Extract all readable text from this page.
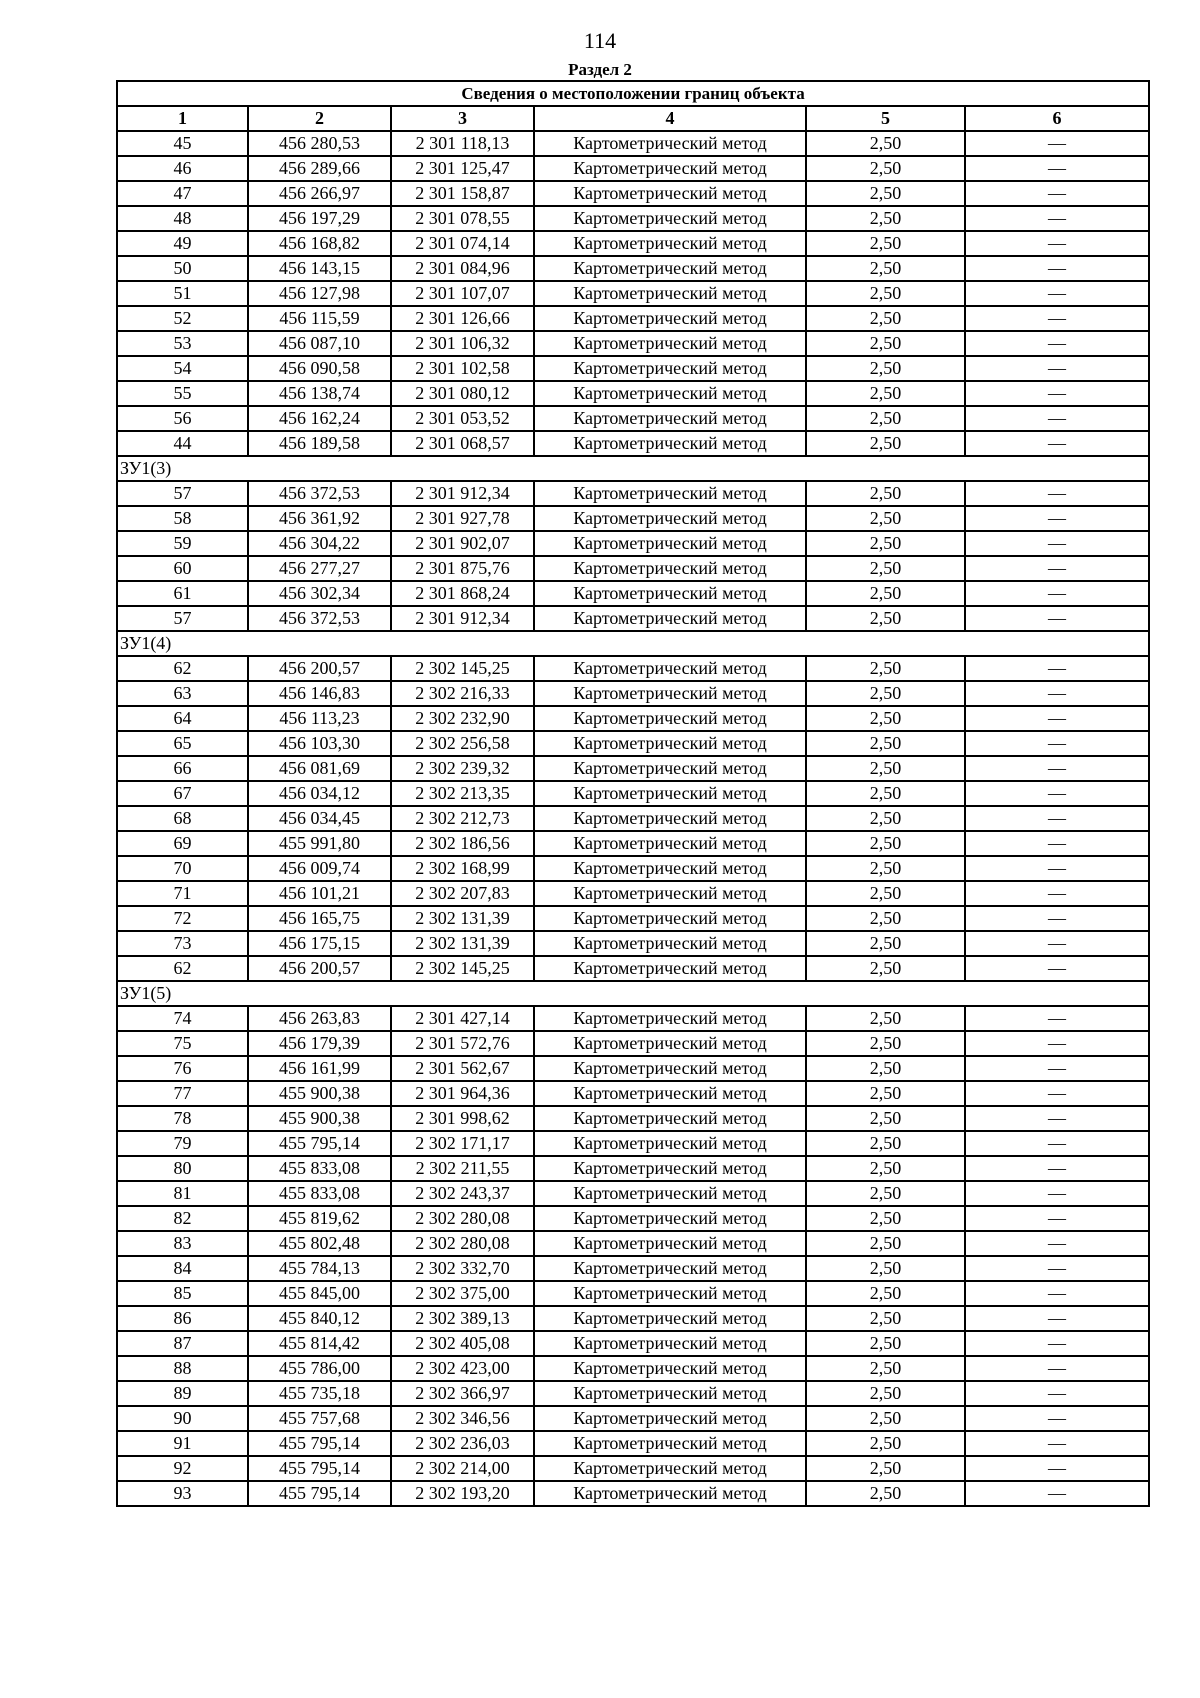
114
Раздел 2
Сведения о местоположении границ объекта					
1	2	3	4	5	6
45	456 280,53	2 301 118,13	Картометрический метод	2,50	—
46	456 289,66	2 301 125,47	Картометрический метод	2,50	—
47	456 266,97	2 301 158,87	Картометрический метод	2,50	—
48	456 197,29	2 301 078,55	Картометрический метод	2,50	—
49	456 168,82	2 301 074,14	Картометрический метод	2,50	—
50	456 143,15	2 301 084,96	Картометрический метод	2,50	—
51	456 127,98	2 301 107,07	Картометрический метод	2,50	—
52	456 115,59	2 301 126,66	Картометрический метод	2,50	—
53	456 087,10	2 301 106,32	Картометрический метод	2,50	—
54	456 090,58	2 301 102,58	Картометрический метод	2,50	—
55	456 138,74	2 301 080,12	Картометрический метод	2,50	—
56	456 162,24	2 301 053,52	Картометрический метод	2,50	—
44	456 189,58	2 301 068,57	Картометрический метод	2,50	—
ЗУ1(3)					
57	456 372,53	2 301 912,34	Картометрический метод	2,50	—
58	456 361,92	2 301 927,78	Картометрический метод	2,50	—
59	456 304,22	2 301 902,07	Картометрический метод	2,50	—
60	456 277,27	2 301 875,76	Картометрический метод	2,50	—
61	456 302,34	2 301 868,24	Картометрический метод	2,50	—
57	456 372,53	2 301 912,34	Картометрический метод	2,50	—
ЗУ1(4)					
62	456 200,57	2 302 145,25	Картометрический метод	2,50	—
63	456 146,83	2 302 216,33	Картометрический метод	2,50	—
64	456 113,23	2 302 232,90	Картометрический метод	2,50	—
65	456 103,30	2 302 256,58	Картометрический метод	2,50	—
66	456 081,69	2 302 239,32	Картометрический метод	2,50	—
67	456 034,12	2 302 213,35	Картометрический метод	2,50	—
68	456 034,45	2 302 212,73	Картометрический метод	2,50	—
69	455 991,80	2 302 186,56	Картометрический метод	2,50	—
70	456 009,74	2 302 168,99	Картометрический метод	2,50	—
71	456 101,21	2 302 207,83	Картометрический метод	2,50	—
72	456 165,75	2 302 131,39	Картометрический метод	2,50	—
73	456 175,15	2 302 131,39	Картометрический метод	2,50	—
62	456 200,57	2 302 145,25	Картометрический метод	2,50	—
ЗУ1(5)					
74	456 263,83	2 301 427,14	Картометрический метод	2,50	—
75	456 179,39	2 301 572,76	Картометрический метод	2,50	—
76	456 161,99	2 301 562,67	Картометрический метод	2,50	—
77	455 900,38	2 301 964,36	Картометрический метод	2,50	—
78	455 900,38	2 301 998,62	Картометрический метод	2,50	—
79	455 795,14	2 302 171,17	Картометрический метод	2,50	—
80	455 833,08	2 302 211,55	Картометрический метод	2,50	—
81	455 833,08	2 302 243,37	Картометрический метод	2,50	—
82	455 819,62	2 302 280,08	Картометрический метод	2,50	—
83	455 802,48	2 302 280,08	Картометрический метод	2,50	—
84	455 784,13	2 302 332,70	Картометрический метод	2,50	—
85	455 845,00	2 302 375,00	Картометрический метод	2,50	—
86	455 840,12	2 302 389,13	Картометрический метод	2,50	—
87	455 814,42	2 302 405,08	Картометрический метод	2,50	—
88	455 786,00	2 302 423,00	Картометрический метод	2,50	—
89	455 735,18	2 302 366,97	Картометрический метод	2,50	—
90	455 757,68	2 302 346,56	Картометрический метод	2,50	—
91	455 795,14	2 302 236,03	Картометрический метод	2,50	—
92	455 795,14	2 302 214,00	Картометрический метод	2,50	—
93	455 795,14	2 302 193,20	Картометрический метод	2,50	—
